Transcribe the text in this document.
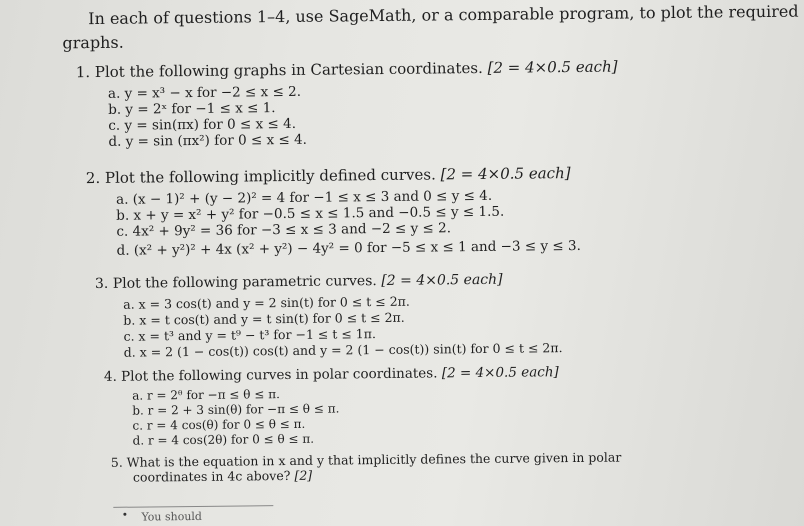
In each of questions 1–4, use SageMath, or a comparable program, to plot the required
graphs.
1. Plot the following graphs in Cartesian coordinates. [2 = 4×0.5 each]
a. y = x³ − x for −2 ≤ x ≤ 2.
b. y = 2ˣ for −1 ≤ x ≤ 1.
c. y = sin(πx) for 0 ≤ x ≤ 4.
d. y = sin (πx²) for 0 ≤ x ≤ 4.
2. Plot the following implicitly defined curves. [2 = 4×0.5 each]
a. (x − 1)² + (y − 2)² = 4 for −1 ≤ x ≤ 3 and 0 ≤ y ≤ 4.
b. x + y = x² + y² for −0.5 ≤ x ≤ 1.5 and −0.5 ≤ y ≤ 1.5.
c. 4x² + 9y² = 36 for −3 ≤ x ≤ 3 and −2 ≤ y ≤ 2.
d. (x² + y²)² + 4x (x² + y²) − 4y² = 0 for −5 ≤ x ≤ 1 and −3 ≤ y ≤ 3.
3. Plot the following parametric curves. [2 = 4×0.5 each]
a. x = 3 cos(t) and y = 2 sin(t) for 0 ≤ t ≤ 2π.
b. x = t cos(t) and y = t sin(t) for 0 ≤ t ≤ 2π.
c. x = t³ and y = t⁹ − t³ for −1 ≤ t ≤ 1π.
d. x = 2 (1 − cos(t)) cos(t) and y = 2 (1 − cos(t)) sin(t) for 0 ≤ t ≤ 2π.
4. Plot the following curves in polar coordinates. [2 = 4×0.5 each]
a. r = 2ᶿ for −π ≤ θ ≤ π.
b. r = 2 + 3 sin(θ) for −π ≤ θ ≤ π.
c. r = 4 cos(θ) for 0 ≤ θ ≤ π.
d. r = 4 cos(2θ) for 0 ≤ θ ≤ π.
5. What is the equation in x and y that implicitly defines the curve given in polar
coordinates in 4c above? [2]
You should
